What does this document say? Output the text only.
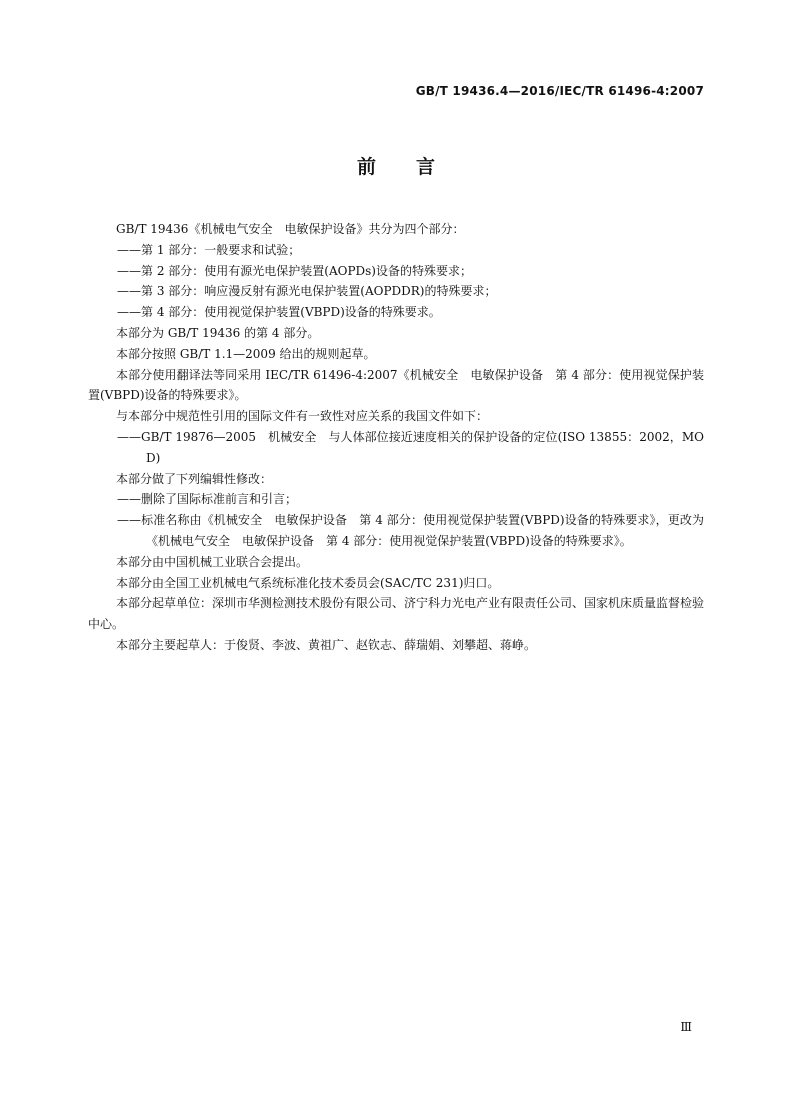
GB/T 19436.4—2016/IEC/TR 61496-4:2007
前言

GB/T 19436《机械电气安全　电敏保护设备》共分为四个部分：

——第 1 部分：一般要求和试验；

——第 2 部分：使用有源光电保护装置(AOPDs)设备的特殊要求；

——第 3 部分：响应漫反射有源光电保护装置(AOPDDR)的特殊要求；

——第 4 部分：使用视觉保护装置(VBPD)设备的特殊要求。

本部分为 GB/T 19436 的第 4 部分。

本部分按照 GB/T 1.1—2009 给出的规则起草。

本部分使用翻译法等同采用 IEC/TR 61496-4:2007《机械安全　电敏保护设备　第 4 部分：使用视觉保护装置(VBPD)设备的特殊要求》。

与本部分中规范性引用的国际文件有一致性对应关系的我国文件如下：

——GB/T 19876—2005　机械安全　与人体部位接近速度相关的保护设备的定位(ISO 13855：2002，MOD)

本部分做了下列编辑性修改：

——删除了国际标准前言和引言；

——标准名称由《机械安全　电敏保护设备　第 4 部分：使用视觉保护装置(VBPD)设备的特殊要求》，更改为《机械电气安全　电敏保护设备　第 4 部分：使用视觉保护装置(VBPD)设备的特殊要求》。

本部分由中国机械工业联合会提出。

本部分由全国工业机械电气系统标准化技术委员会(SAC/TC 231)归口。

本部分起草单位：深圳市华测检测技术股份有限公司、济宁科力光电产业有限责任公司、国家机床质量监督检验中心。

本部分主要起草人：于俊贤、李波、黄祖广、赵钦志、薛瑞娟、刘攀超、蒋峥。

Ⅲ
